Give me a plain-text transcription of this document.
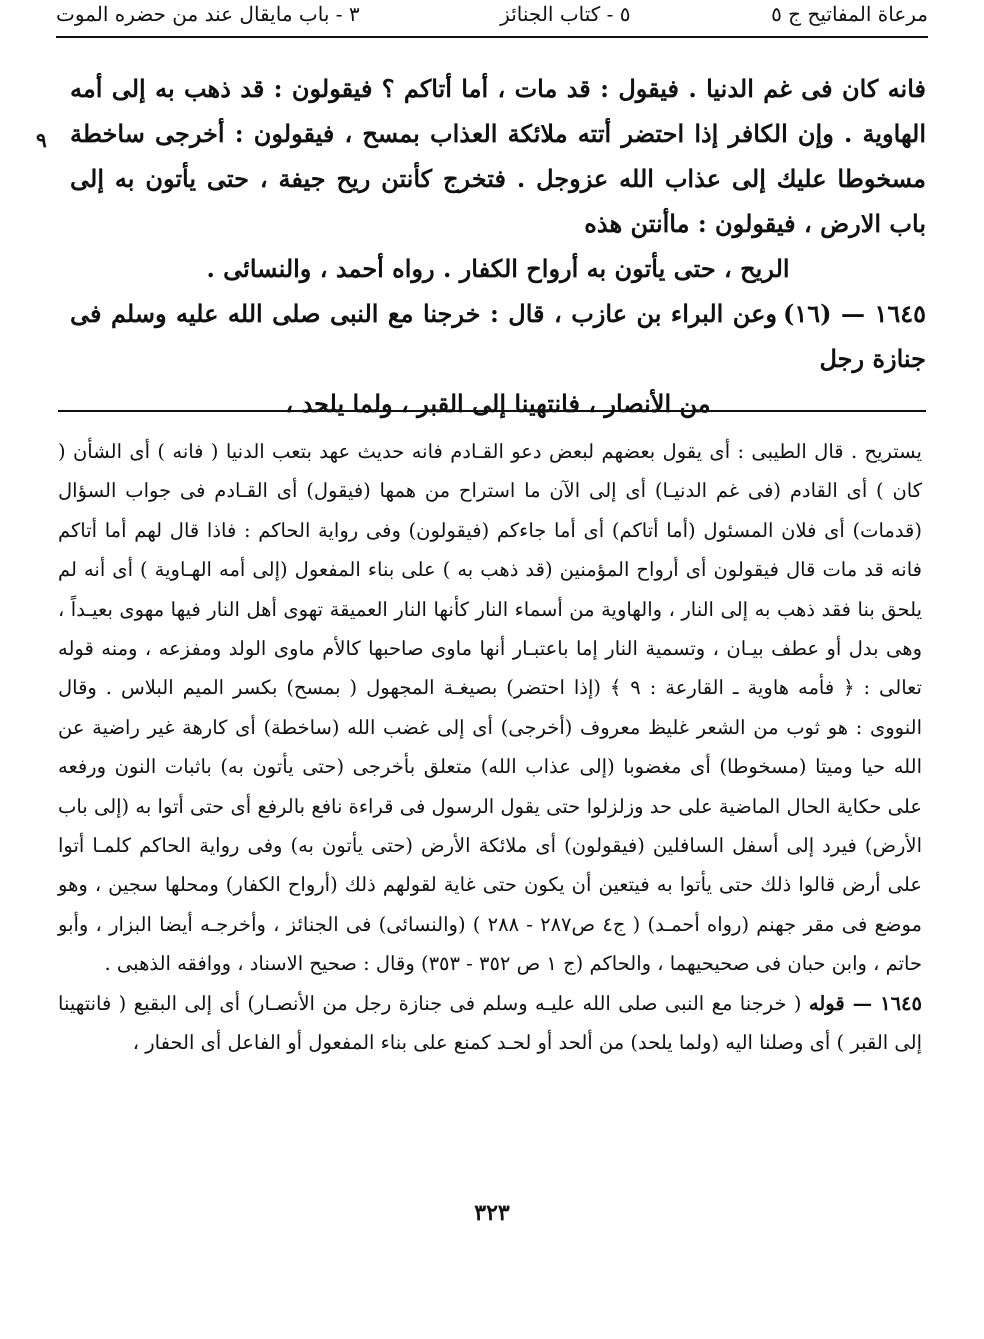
مرعاة المفاتيح ج ٥
٥ - كتاب الجنائز
٣ - باب مايقال عند من حضره الموت
٩

فانه كان فى غم الدنيا . فيقول : قد مات ، أما أتاكم ؟ فيقولون : قد ذهب به إلى أمه الهاوية . وإن الكافر إذا احتضر أتته ملائكة العذاب بمسح ، فيقولون : أخرجى ساخطة مسخوطا عليك إلى عذاب الله عزوجل . فتخرج كأنتن ريح جيفة ، حتى يأتون به إلى باب الارض ، فيقولون : ماأنتن هذه

الريح ، حتى يأتون به أرواح الكفار . رواه أحمد ، والنسائى .

١٦٤٥ — (١٦)وعن البراء بن عازب ، قال : خرجنا مع النبى صلى الله عليه وسلم فى جنازة رجل

من الأنصار ، فانتهينا إلى القبر ، ولما يلحد ،

يستريح . قال الطيبى : أى يقول بعضهم لبعض دعو القـادم فانه حديث عهد بتعب الدنيا ( فانه ) أى الشأن ( كان ) أى القادم (فى غم الدنيـا) أى إلى الآن ما استراح من همها (فيقول) أى القـادم فى جواب السؤال (قدمات) أى فلان المسئول (أما أتاكم) أى أما جاءكم (فيقولون) وفى رواية الحاكم : فاذا قال لهم أما أتاكم فانه قد مات قال فيقولون أى أرواح المؤمنين (قد ذهب به ) على بناء المفعول (إلى أمه الهـاوية ) أى أنه لم يلحق بنا فقد ذهب به إلى النار ، والهاوية من أسماء النار كأنها النار العميقة تهوى أهل النار فيها مهوى بعيـداً ، وهى بدل أو عطف بيـان ، وتسمية النار إما باعتبـار أنها ماوى صاحبها كالأم ماوى الولد ومفزعه ، ومنه قوله تعالى : ﴿ فأمه هاوية ـ القارعة : ٩ ﴾ (إذا احتضر) بصيغـة المجهول ( بمسح) بكسر الميم البلاس . وقال النووى : هو ثوب من الشعر غليظ معروف (أخرجى) أى إلى غضب الله (ساخطة) أى كارهة غير راضية عن الله حيا وميتا (مسخوطا) أى مغضوبا (إلى عذاب الله) متعلق بأخرجى (حتى يأتون به) باثبات النون ورفعه على حكاية الحال الماضية على حد وزلزلوا حتى يقول الرسول فى قراءة نافع بالرفع أى حتى أتوا به (إلى باب الأرض) فيرد إلى أسفل السافلين (فيقولون) أى ملائكة الأرض (حتى يأتون به) وفى رواية الحاكم كلمـا أتوا على أرض قالوا ذلك حتى يأتوا به فيتعين أن يكون حتى غاية لقولهم ذلك (أرواح الكفار) ومحلها سجين ، وهو موضع فى مقر جهنم (رواه أحمـد) ( ج٤ ص٢٨٧ - ٢٨٨ ) (والنسائى) فى الجنائز ، وأخرجـه أيضا البزار ، وأبو حاتم ، وابن حبان فى صحيحيهما ، والحاكم (ج ١ ص ٣٥٢ - ٣٥٣) وقال : صحيح الاسناد ، ووافقه الذهبى .

١٦٤٥ — قوله ( خرجنا مع النبى صلى الله عليـه وسلم فى جنازة رجل من الأنصـار) أى إلى البقيع ( فانتهينا إلى القبر ) أى وصلنا اليه (ولما يلحد) من ألحد أو لحـد كمنع على بناء المفعول أو الفاعل أى الحفار ،

٣٢٣
